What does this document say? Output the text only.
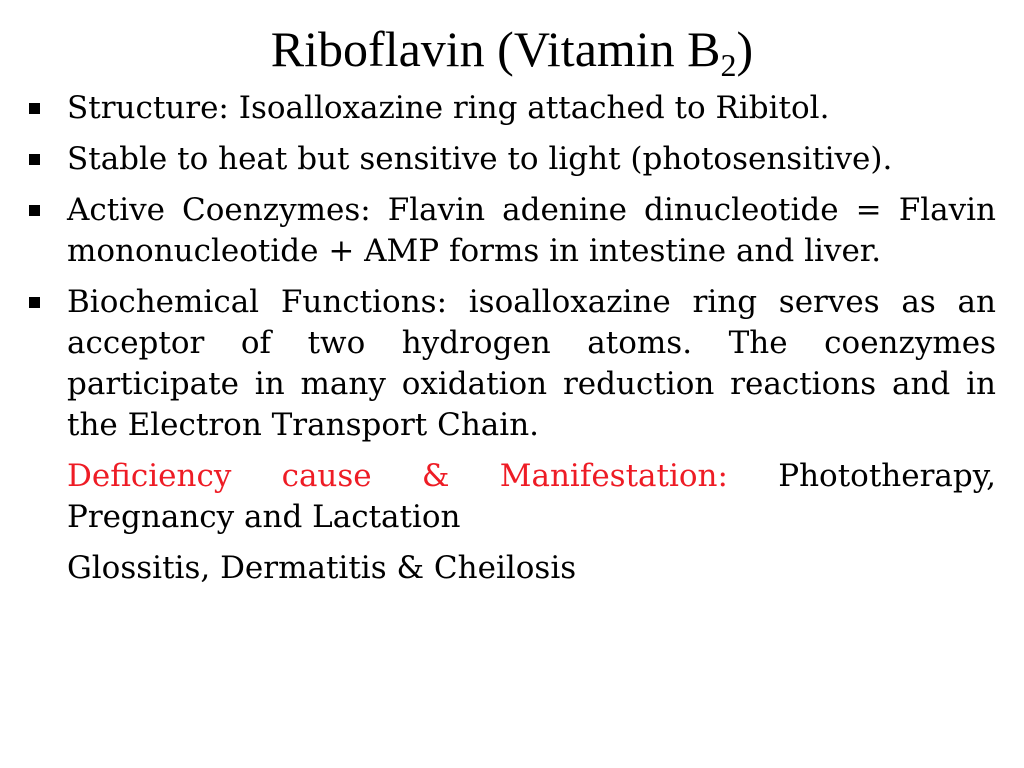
Riboflavin (Vitamin $B_2$)
Structure: Isoalloxazine ring attached to Ribitol.
Stable to heat but sensitive to light (photosensitive).
Active Coenzymes: Flavin adenine dinucleotide = Flavin mononucleotide + AMP forms in intestine and liver.
Biochemical Functions: isoalloxazine ring serves as an acceptor of two hydrogen atoms. The coenzymes participate in many oxidation reduction reactions and in the Electron Transport Chain.

Deficiency cause & Manifestation: Phototherapy, Pregnancy and Lactation

Glossitis, Dermatitis & Cheilosis
